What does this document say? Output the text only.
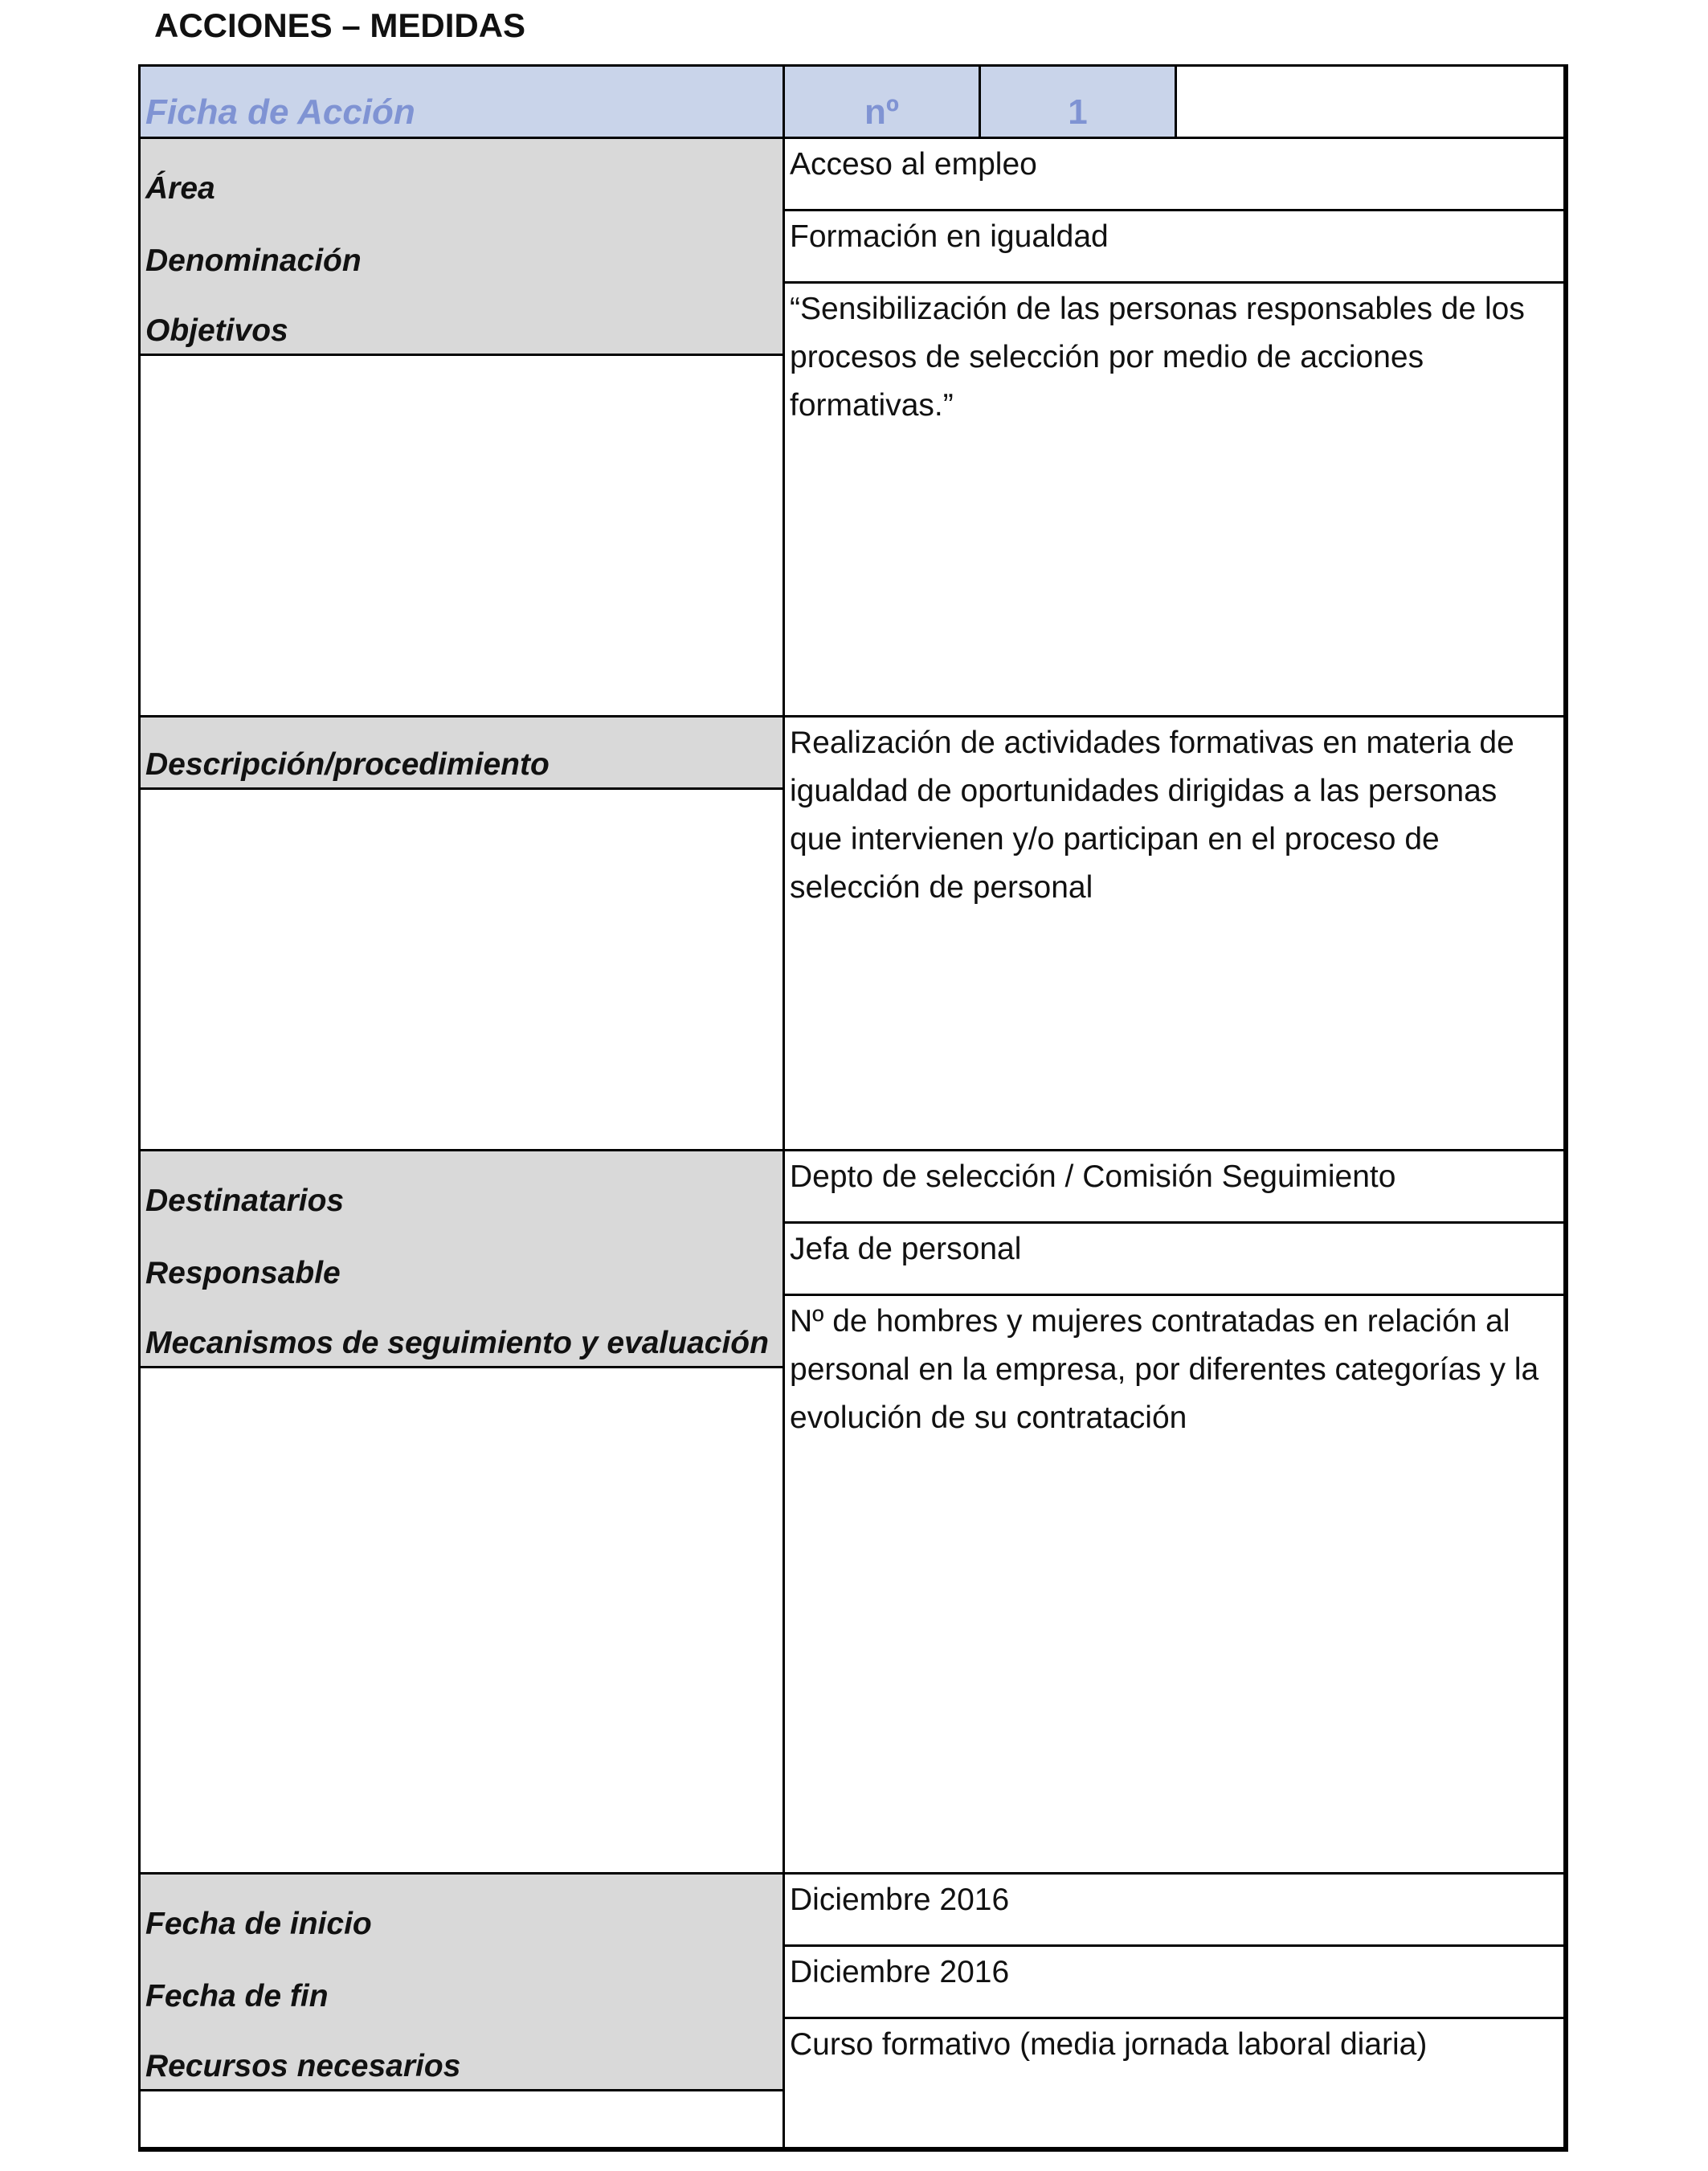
ACCIONES – MEDIDAS
Ficha de Acción	nº	1
Área
Acceso al empleo
Denominación
Formación en igualdad
Objetivos
“Sensibilización de las personas responsables de los procesos de selección por medio de acciones formativas.”
Descripción/procedimiento
Realización de actividades formativas en materia de igualdad de oportunidades dirigidas a las personas que intervienen y/o participan en el proceso de selección de personal
Destinatarios
Depto de selección / Comisión Seguimiento
Responsable
Jefa de personal
Mecanismos de seguimiento y evaluación
Nº de hombres y mujeres contratadas en relación al personal en la empresa, por diferentes categorías y la evolución de su contratación
Fecha de inicio
Diciembre 2016
Fecha de fin
Diciembre 2016
Recursos necesarios
Curso formativo (media jornada laboral diaria)
